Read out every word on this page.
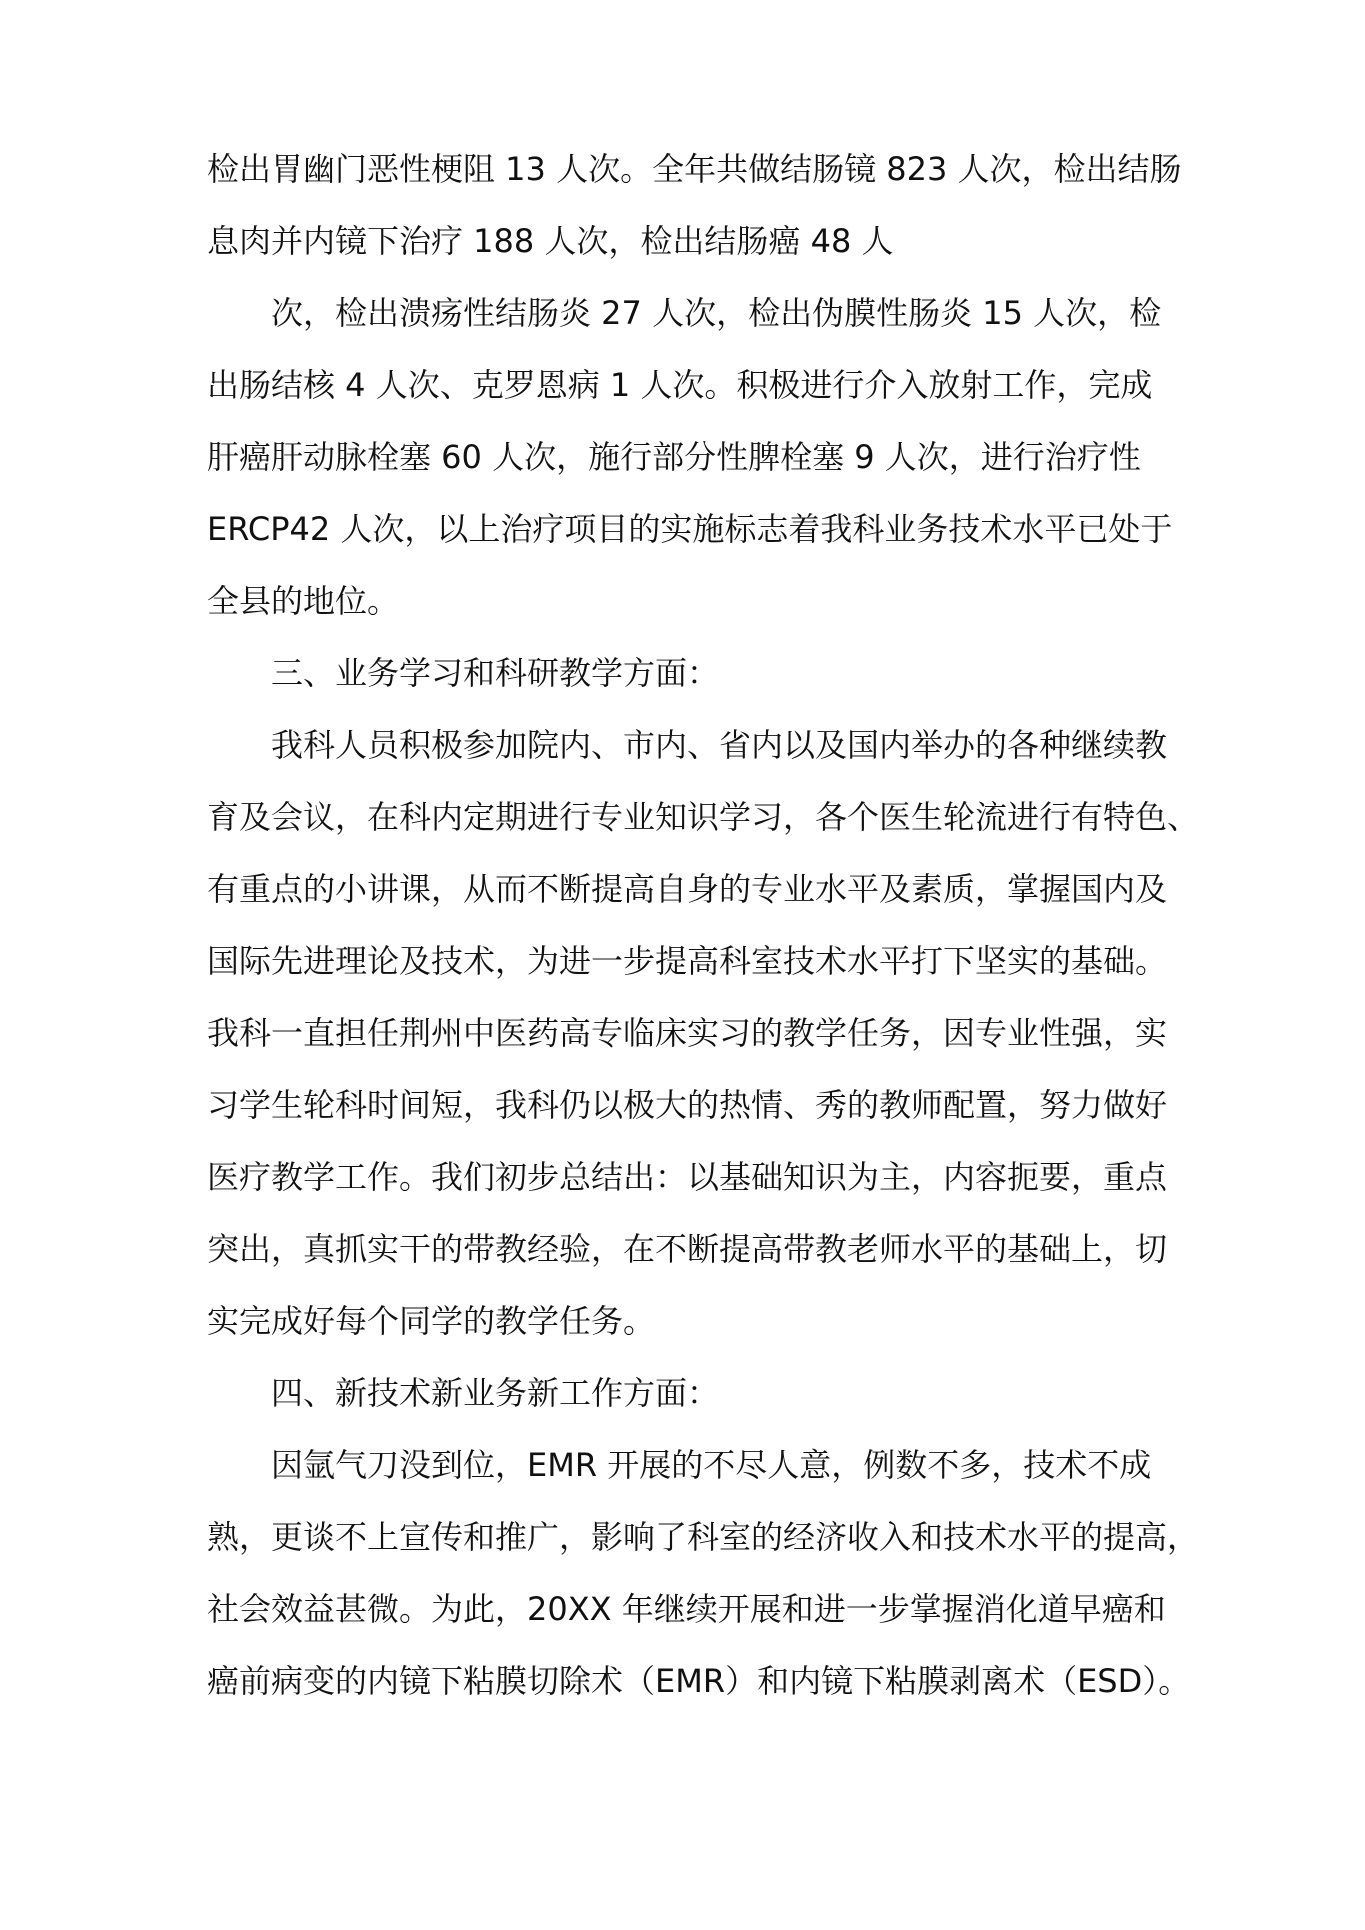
检出胃幽门恶性梗阻 13 人次。全年共做结肠镜 823 人次，检出结肠

息肉并内镜下治疗 188 人次，检出结肠癌 48 人

次，检出溃疡性结肠炎 27 人次，检出伪膜性肠炎 15 人次，检

出肠结核 4 人次、克罗恩病 1 人次。积极进行介入放射工作，完成

肝癌肝动脉栓塞 60 人次，施行部分性脾栓塞 9 人次，进行治疗性

ERCP42 人次，以上治疗项目的实施标志着我科业务技术水平已处于

全县的地位。

三、业务学习和科研教学方面：

我科人员积极参加院内、市内、省内以及国内举办的各种继续教

育及会议，在科内定期进行专业知识学习，各个医生轮流进行有特色、

有重点的小讲课，从而不断提高自身的专业水平及素质，掌握国内及

国际先进理论及技术，为进一步提高科室技术水平打下坚实的基础。

我科一直担任荆州中医药高专临床实习的教学任务，因专业性强，实

习学生轮科时间短，我科仍以极大的热情、秀的教师配置，努力做好

医疗教学工作。我们初步总结出：以基础知识为主，内容扼要，重点

突出，真抓实干的带教经验，在不断提高带教老师水平的基础上，切

实完成好每个同学的教学任务。

四、新技术新业务新工作方面：

因氩气刀没到位，EMR 开展的不尽人意，例数不多，技术不成

熟，更谈不上宣传和推广，影响了科室的经济收入和技术水平的提高，

社会效益甚微。为此，20XX 年继续开展和进一步掌握消化道早癌和

癌前病变的内镜下粘膜切除术（EMR）和内镜下粘膜剥离术（ESD）。
